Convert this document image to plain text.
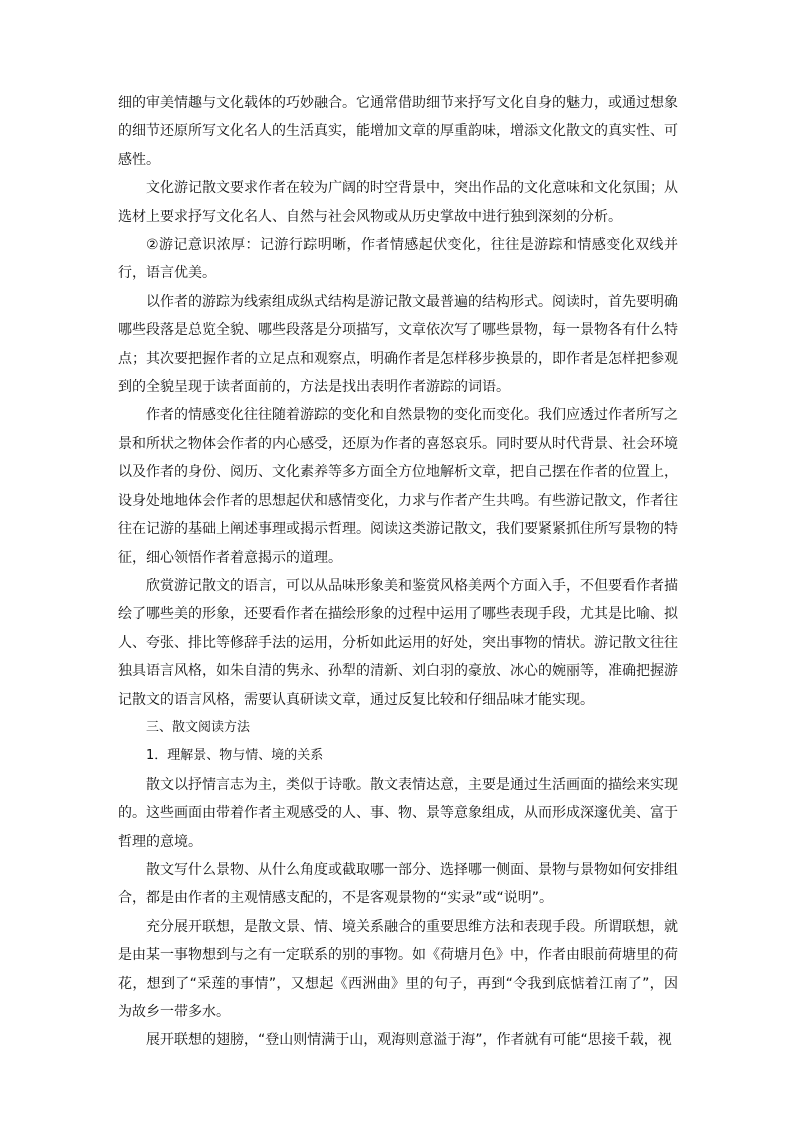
细的审美情趣与文化载体的巧妙融合。它通常借助细节来抒写文化自身的魅力，或通过想象的细节还原所写文化名人的生活真实，能增加文章的厚重韵味，增添文化散文的真实性、可感性。

文化游记散文要求作者在较为广阔的时空背景中，突出作品的文化意味和文化氛围；从选材上要求抒写文化名人、自然与社会风物或从历史掌故中进行独到深刻的分析。

②游记意识浓厚：记游行踪明晰，作者情感起伏变化，往往是游踪和情感变化双线并行，语言优美。

以作者的游踪为线索组成纵式结构是游记散文最普遍的结构形式。阅读时，首先要明确哪些段落是总览全貌、哪些段落是分项描写，文章依次写了哪些景物，每一景物各有什么特点；其次要把握作者的立足点和观察点，明确作者是怎样移步换景的，即作者是怎样把参观到的全貌呈现于读者面前的，方法是找出表明作者游踪的词语。

作者的情感变化往往随着游踪的变化和自然景物的变化而变化。我们应透过作者所写之景和所状之物体会作者的内心感受，还原为作者的喜怒哀乐。同时要从时代背景、社会环境以及作者的身份、阅历、文化素养等多方面全方位地解析文章，把自己摆在作者的位置上，设身处地地体会作者的思想起伏和感情变化，力求与作者产生共鸣。有些游记散文，作者往往在记游的基础上阐述事理或揭示哲理。阅读这类游记散文，我们要紧紧抓住所写景物的特征，细心领悟作者着意揭示的道理。

欣赏游记散文的语言，可以从品味形象美和鉴赏风格美两个方面入手，不但要看作者描绘了哪些美的形象，还要看作者在描绘形象的过程中运用了哪些表现手段，尤其是比喻、拟人、夸张、排比等修辞手法的运用，分析如此运用的好处，突出事物的情状。游记散文往往独具语言风格，如朱自清的隽永、孙犁的清新、刘白羽的豪放、冰心的婉丽等，准确把握游记散文的语言风格，需要认真研读文章，通过反复比较和仔细品味才能实现。

三、散文阅读方法

1．理解景、物与情、境的关系

散文以抒情言志为主，类似于诗歌。散文表情达意，主要是通过生活画面的描绘来实现的。这些画面由带着作者主观感受的人、事、物、景等意象组成，从而形成深邃优美、富于哲理的意境。

散文写什么景物、从什么角度或截取哪一部分、选择哪一侧面、景物与景物如何安排组合，都是由作者的主观情感支配的，不是客观景物的“实录”或“说明”。

充分展开联想，是散文景、情、境关系融合的重要思维方法和表现手段。所谓联想，就是由某一事物想到与之有一定联系的别的事物。如《荷塘月色》中，作者由眼前荷塘里的荷花，想到了“采莲的事情”，又想起《西洲曲》里的句子，再到“令我到底惦着江南了”，因为故乡一带多水。

展开联想的翅膀，“登山则情满于山，观海则意溢于海”，作者就有可能“思接千载，视
